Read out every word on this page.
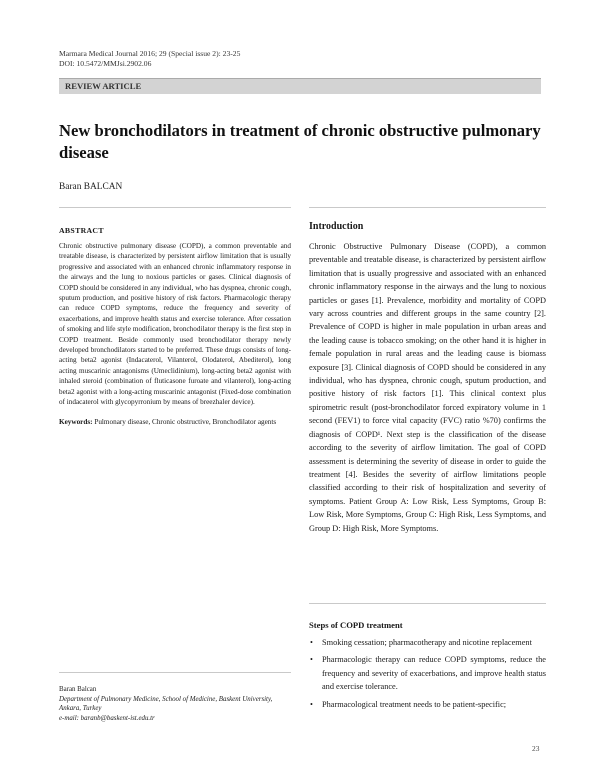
Marmara Medical Journal 2016; 29 (Special issue 2): 23-25
DOI: 10.5472/MMJsi.2902.06
REVIEW ARTICLE
New bronchodilators in treatment of chronic obstructive pulmonary disease
Baran BALCAN
ABSTRACT

Chronic obstructive pulmonary disease (COPD), a common preventable and treatable disease, is characterized by persistent airflow limitation that is usually progressive and associated with an enhanced chronic inflammatory response in the airways and the lung to noxious particles or gases. Clinical diagnosis of COPD should be considered in any individual, who has dyspnea, chronic cough, sputum production, and positive history of risk factors. Pharmacologic therapy can reduce COPD symptoms, reduce the frequency and severity of exacerbations, and improve health status and exercise tolerance. After cessation of smoking and life style modification, bronchodilator therapy is the first step in COPD treatment. Beside commonly used bronchodilator therapy newly developed bronchodilators started to be preferred. These drugs consists of long-acting beta2 agonist (Indacaterol, Vilanterol, Olodaterol, Abediterol), long acting muscarinic antagonisms (Umeclidinium), long-acting beta2 agonist with inhaled steroid (combination of fluticasone furoate and vilanterol), long-acting beta2 agonist with a long-acting muscarinic antagonist (Fixed-dose combination of indacaterol with glycopyrronium by means of breezhaler device).

Keywords: Pulmonary disease, Chronic obstructive, Bronchodilator agents

Introduction

Chronic Obstructive Pulmonary Disease (COPD), a common preventable and treatable disease, is characterized by persistent airflow limitation that is usually progressive and associated with an enhanced chronic inflammatory response in the airways and the lung to noxious particles or gases [1]. Prevalence, morbidity and mortality of COPD vary across countries and different groups in the same country [2]. Prevalence of COPD is higher in male population in urban areas and the leading cause is tobacco smoking; on the other hand it is higher in female population in rural areas and the leading cause is biomass exposure [3]. Clinical diagnosis of COPD should be considered in any individual, who has dyspnea, chronic cough, sputum production, and positive history of risk factors [1]. This clinical context plus spirometric result (post-bronchodilator forced expiratory volume in 1 second (FEV1) to force vital capacity (FVC) ratio %70) confirms the diagnosis of COPD¹. Next step is the classification of the disease according to the severity of airflow limitation. The goal of COPD assessment is determining the severity of disease in order to guide the treatment [4]. Besides the severity of airflow limitations people classified according to their risk of hospitalization and severity of symptoms. Patient Group A: Low Risk, Less Symptoms, Group B: Low Risk, More Symptoms, Group C: High Risk, Less Symptoms, and Group D: High Risk, More Symptoms.

Steps of COPD treatment
• Smoking cessation; pharmacotherapy and nicotine replacement
• Pharmacologic therapy can reduce COPD symptoms, reduce the frequency and severity of exacerbations, and improve health status and exercise tolerance.
• Pharmacological treatment needs to be patient-specific;
Baran Balcan
Department of Pulmonary Medicine, School of Medicine, Baskent University, Ankara, Turkey
e-mail: baranb@baskent-ist.edu.tr
23
